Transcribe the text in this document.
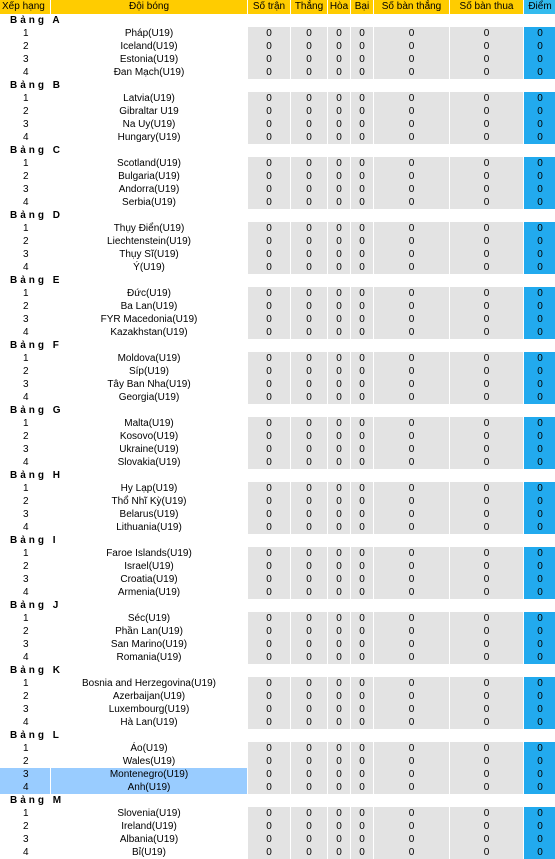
Xếp hạng	Đội bóng	Số trận	Thắng	Hòa	Bại	Số bàn thắng	Số bàn thua	Điểm
Bảng A								
1	Pháp(U19)	0	0	0	0	0	0	0
2	Iceland(U19)	0	0	0	0	0	0	0
3	Estonia(U19)	0	0	0	0	0	0	0
4	Đan Mạch(U19)	0	0	0	0	0	0	0
Bảng B								
1	Latvia(U19)	0	0	0	0	0	0	0
2	Gibraltar U19	0	0	0	0	0	0	0
3	Na Uy(U19)	0	0	0	0	0	0	0
4	Hungary(U19)	0	0	0	0	0	0	0
Bảng C								
1	Scotland(U19)	0	0	0	0	0	0	0
2	Bulgaria(U19)	0	0	0	0	0	0	0
3	Andorra(U19)	0	0	0	0	0	0	0
4	Serbia(U19)	0	0	0	0	0	0	0
Bảng D								
1	Thụy Điển(U19)	0	0	0	0	0	0	0
2	Liechtenstein(U19)	0	0	0	0	0	0	0
3	Thụy Sĩ(U19)	0	0	0	0	0	0	0
4	Ý(U19)	0	0	0	0	0	0	0
Bảng E								
1	Đức(U19)	0	0	0	0	0	0	0
2	Ba Lan(U19)	0	0	0	0	0	0	0
3	FYR Macedonia(U19)	0	0	0	0	0	0	0
4	Kazakhstan(U19)	0	0	0	0	0	0	0
Bảng F								
1	Moldova(U19)	0	0	0	0	0	0	0
2	Síp(U19)	0	0	0	0	0	0	0
3	Tây Ban Nha(U19)	0	0	0	0	0	0	0
4	Georgia(U19)	0	0	0	0	0	0	0
Bảng G								
1	Malta(U19)	0	0	0	0	0	0	0
2	Kosovo(U19)	0	0	0	0	0	0	0
3	Ukraine(U19)	0	0	0	0	0	0	0
4	Slovakia(U19)	0	0	0	0	0	0	0
Bảng H								
1	Hy Lạp(U19)	0	0	0	0	0	0	0
2	Thổ Nhĩ Kỳ(U19)	0	0	0	0	0	0	0
3	Belarus(U19)	0	0	0	0	0	0	0
4	Lithuania(U19)	0	0	0	0	0	0	0
Bảng I								
1	Faroe Islands(U19)	0	0	0	0	0	0	0
2	Israel(U19)	0	0	0	0	0	0	0
3	Croatia(U19)	0	0	0	0	0	0	0
4	Armenia(U19)	0	0	0	0	0	0	0
Bảng J								
1	Séc(U19)	0	0	0	0	0	0	0
2	Phần Lan(U19)	0	0	0	0	0	0	0
3	San Marino(U19)	0	0	0	0	0	0	0
4	Romania(U19)	0	0	0	0	0	0	0
Bảng K								
1	Bosnia and Herzegovina(U19)	0	0	0	0	0	0	0
2	Azerbaijan(U19)	0	0	0	0	0	0	0
3	Luxembourg(U19)	0	0	0	0	0	0	0
4	Hà Lan(U19)	0	0	0	0	0	0	0
Bảng L								
1	Áo(U19)	0	0	0	0	0	0	0
2	Wales(U19)	0	0	0	0	0	0	0
3	Montenegro(U19)	0	0	0	0	0	0	0
4	Anh(U19)	0	0	0	0	0	0	0
Bảng M								
1	Slovenia(U19)	0	0	0	0	0	0	0
2	Ireland(U19)	0	0	0	0	0	0	0
3	Albania(U19)	0	0	0	0	0	0	0
4	Bỉ(U19)	0	0	0	0	0	0	0
